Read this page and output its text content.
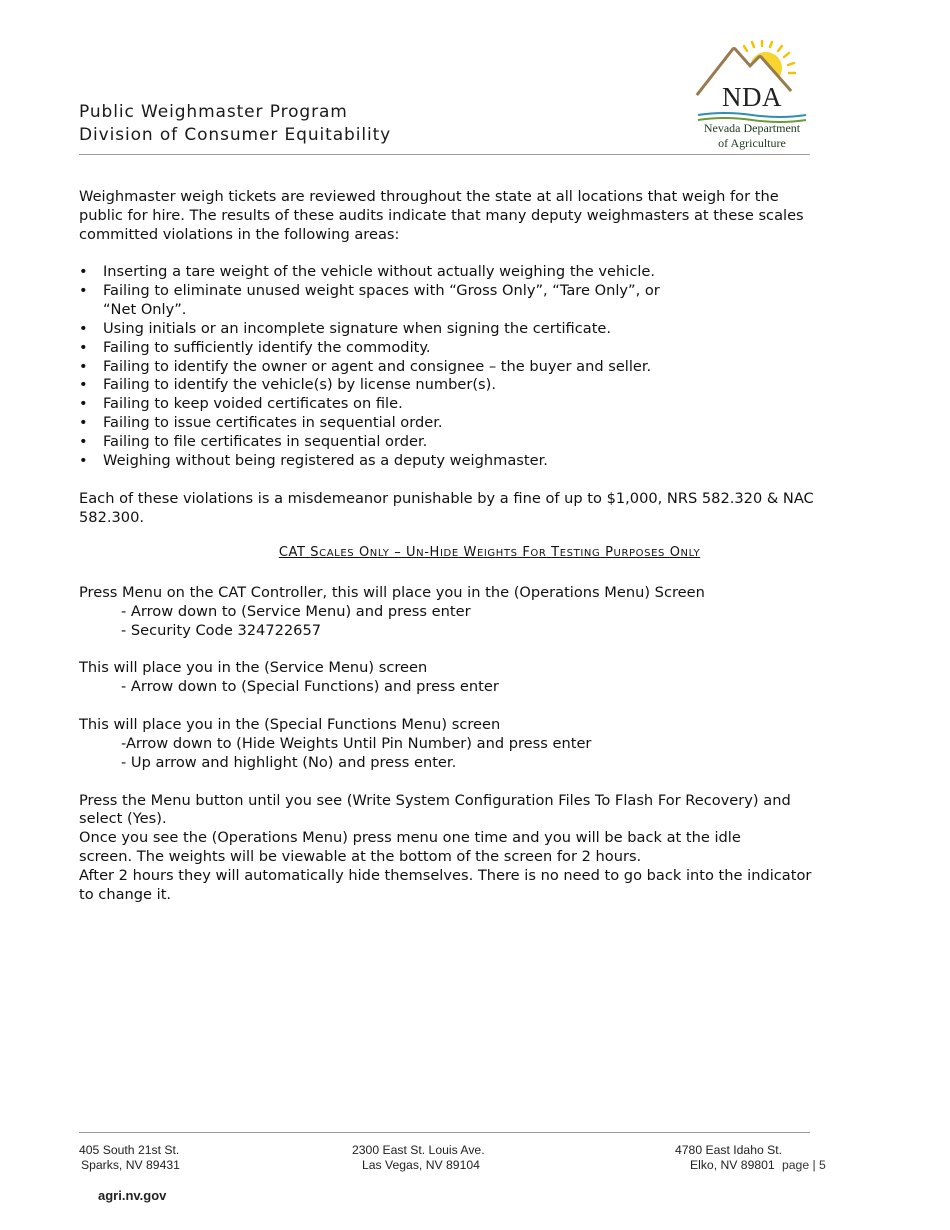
Public Weighmaster Program
Division of Consumer Equitability
NDA
Nevada Department
of Agriculture
Weighmaster weigh tickets are reviewed throughout the state at all locations that weigh for the
public for hire. The results of these audits indicate that many deputy weighmasters at these scales
committed violations in the following areas:
• Inserting a tare weight of the vehicle without actually weighing the vehicle.
• Failing to eliminate unused weight spaces with “Gross Only”, “Tare Only”, or
“Net Only”.
• Using initials or an incomplete signature when signing the certificate.
• Failing to sufficiently identify the commodity.
• Failing to identify the owner or agent and consignee – the buyer and seller.
• Failing to identify the vehicle(s) by license number(s).
• Failing to keep voided certificates on file.
• Failing to issue certificates in sequential order.
• Failing to file certificates in sequential order.
• Weighing without being registered as a deputy weighmaster.
Each of these violations is a misdemeanor punishable by a fine of up to $1,000, NRS 582.320 & NAC
582.300.
CAT SCALES ONLY – UN-HIDE WEIGHTS FOR TESTING PURPOSES ONLY
Press Menu on the CAT Controller, this will place you in the (Operations Menu) Screen
- Arrow down to (Service Menu) and press enter
- Security Code 324722657
This will place you in the (Service Menu) screen
- Arrow down to (Special Functions) and press enter
This will place you in the (Special Functions Menu) screen
-Arrow down to (Hide Weights Until Pin Number) and press enter
- Up arrow and highlight (No) and press enter.
Press the Menu button until you see (Write System Configuration Files To Flash For Recovery) and
select (Yes).
Once you see the (Operations Menu) press menu one time and you will be back at the idle
screen. The weights will be viewable at the bottom of the screen for 2 hours.
After 2 hours they will automatically hide themselves. There is no need to go back into the indicator
to change it.
405 South 21st St.
Sparks, NV 89431
2300 East St. Louis Ave.
Las Vegas, NV 89104
4780 East Idaho St.
Elko, NV 89801 page | 5
agri.nv.gov
